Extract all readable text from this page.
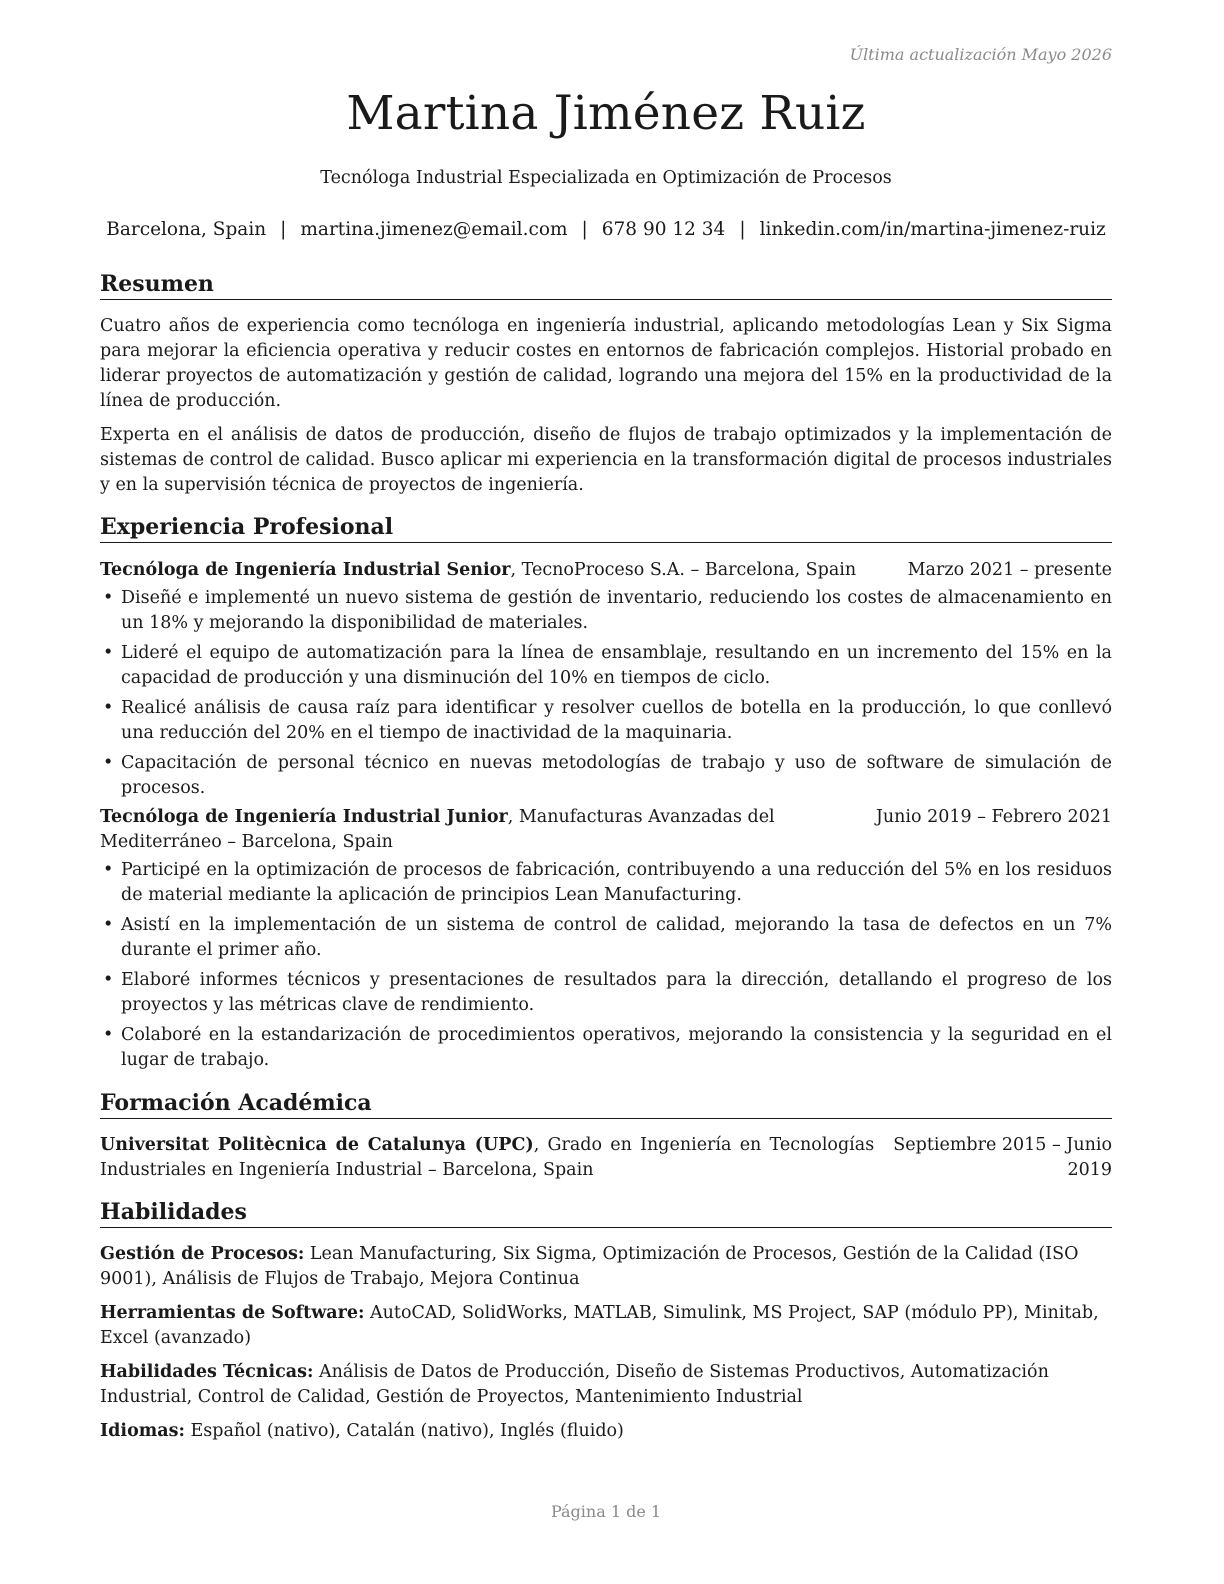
Última actualización Mayo 2026
Martina Jiménez Ruiz
Tecnóloga Industrial Especializada en Optimización de Procesos
Barcelona, Spain | martina.jimenez@email.com | 678 90 12 34 | linkedin.com/in/martina-jimenez-ruiz
Resumen

Cuatro años de experiencia como tecnóloga en ingeniería industrial, aplicando metodologías Lean y Six Sigma para mejorar la eficiencia operativa y reducir costes en entornos de fabricación complejos. Historial probado en liderar proyectos de automatización y gestión de calidad, logrando una mejora del 15% en la productividad de la línea de producción.

Experta en el análisis de datos de producción, diseño de flujos de trabajo optimizados y la implementación de sistemas de control de calidad. Busco aplicar mi experiencia en la transformación digital de procesos industriales y en la supervisión técnica de proyectos de ingeniería.

Experiencia Profesional
Tecnóloga de Ingeniería Industrial Senior, TecnoProceso S.A. – Barcelona, Spain	Marzo 2021 – presente
• Diseñé e implementé un nuevo sistema de gestión de inventario, reduciendo los costes de almacenamiento en un 18% y mejorando la disponibilidad de materiales.
• Lideré el equipo de automatización para la línea de ensamblaje, resultando en un incremento del 15% en la capacidad de producción y una disminución del 10% en tiempos de ciclo.
• Realicé análisis de causa raíz para identificar y resolver cuellos de botella en la producción, lo que conllevó una reducción del 20% en el tiempo de inactividad de la maquinaria.
• Capacitación de personal técnico en nuevas metodologías de trabajo y uso de software de simulación de procesos.
Tecnóloga de Ingeniería Industrial Junior, Manufacturas Avanzadas del Mediterráneo – Barcelona, Spain
Junio 2019 – Febrero 2021
• Participé en la optimización de procesos de fabricación, contribuyendo a una reducción del 5% en los residuos de material mediante la aplicación de principios Lean Manufacturing.
• Asistí en la implementación de un sistema de control de calidad, mejorando la tasa de defectos en un 7% durante el primer año.
• Elaboré informes técnicos y presentaciones de resultados para la dirección, detallando el progreso de los proyectos y las métricas clave de rendimiento.
• Colaboré en la estandarización de procedimientos operativos, mejorando la consistencia y la seguridad en el lugar de trabajo.
Formación Académica
Universitat Politècnica de Catalunya (UPC), Grado en Ingeniería en Tecnologías Industriales en Ingeniería Industrial – Barcelona, Spain
Septiembre 2015 – Junio 2019
Habilidades

Gestión de Procesos: Lean Manufacturing, Six Sigma, Optimización de Procesos, Gestión de la Calidad (ISO 9001), Análisis de Flujos de Trabajo, Mejora Continua

Herramientas de Software: AutoCAD, SolidWorks, MATLAB, Simulink, MS Project, SAP (módulo PP), Minitab, Excel (avanzado)

Habilidades Técnicas: Análisis de Datos de Producción, Diseño de Sistemas Productivos, Automatización Industrial, Control de Calidad, Gestión de Proyectos, Mantenimiento Industrial

Idiomas: Español (nativo), Catalán (nativo), Inglés (fluido)

Página 1 de 1
